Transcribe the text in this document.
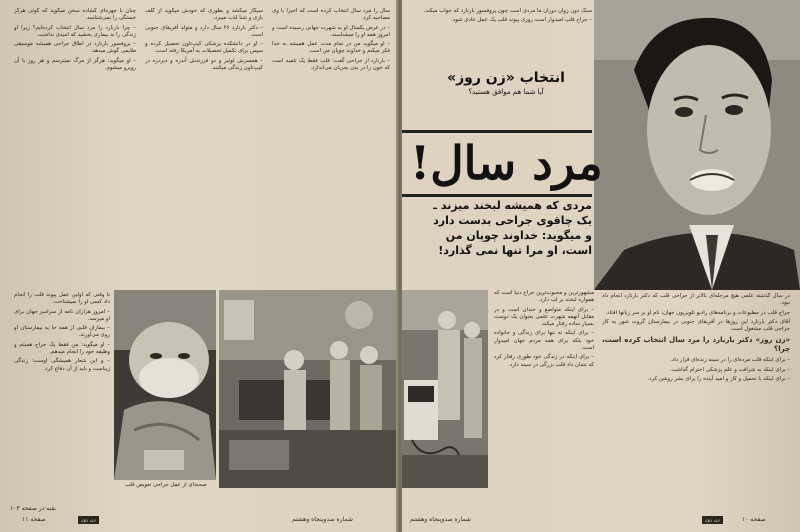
سال را مرد سال انتخاب کرده است که اخیراً با وی مصاحبه کرد.

– در عرض یکسال او به شهرت جهانی رسیده است و امروز همه او را میشناسند.

– او میگوید من در تمام مدت عمل همیشه به خدا فکر میکنم و خداوند چوپان من است.

– بارنارد از جراحی گفت: قلب فقط یک تلمبه است که خون را در بدن بجریان می‌اندازد.

سیگار میکشد و بطوری که خودش میگوید از گلف بازی و شنا لذت میبرد.

– دکتر بارنارد ۴۶ سال دارد و متولد آفریقای جنوبی است.

– او در دانشکده پزشکی کیپ‌تاون تحصیل کرده و سپس برای تکمیل تحصیلات به آمریکا رفته است.

– همسرش لوئیز و دو فرزندش آندره و دیردره در کیپ‌تاون زندگی میکنند.

چنان با چهره‌ای گشاده سخن میگوید که گوئی هرگز خستگی را نمی‌شناسد.

– چرا بارنارد را مرد سال انتخاب کرده‌ایم؟ زیرا او زندگی را به بیماری بخشید که امیدی نداشت.

– پروفسور بارنارد در اطاق جراحی همیشه موسیقی ملایمی گوش میدهد.

– او میگوید: هرگز از مرگ نمیترسم و هر روز با آن روبرو میشوم.

تا وقتی که اولین عمل پیوند قلب را انجام داد کسی او را نمیشناخت.

– امروز هزاران نامه از سراسر جهان برای او میرسد.

– بیماران قلبی از همه جا به بیمارستان او روی می‌آورند.

– او میگوید: من فقط یک جراح هستم و وظیفه خود را انجام میدهم.

– و این شعار همیشگی اوست: زندگی زیباست و باید از آن دفاع کرد.

صحنه‌ای از عمل جراحی تعویض قلب
بقیه در صفحه ۱۰۳
صفحه ۱۱	زن روز	شماره صدوپنجاه وهشتم
انتخاب «زن روز»
آیا شما هم موافق هستید؟
مرد سال!
مردی که همیشه لبخند میزند ـ یک چاقوی جراحی بدست دارد و میگوید: خداوند چوپان من است، او مرا تنها نمی گذارد!

سنگ دون زوان دوران ما مردی است چون پروفسور بارنارد که خواب میکند.

– جراح قلب امیدوار است روزی پیوند قلب یک عمل عادی شود.

مشهورترین و محبوب‌ترین جراح دنیا است که همواره لبخند بر لب دارد.

– برای اینکه متواضع و خندان است و در مقابل آنهمه شهرت علمی بعنوان یک دوست بسیار ساده رفتار میکند.

– برای اینکه نه تنها برای زندگی و خانواده خود بلکه برای همه مردم جهان امیدوار است.

– برای اینکه در زندگی خود طوری رفتار کرد که نشان داد قلب بزرگی در سینه دارد.

در سال گذشته علمی هیچ مرحله‌ای بالاتر از جراحی قلب که دکتر بارنارد انجام داد نبود.

جراح قلب در مطبوعات و برنامه‌های رادیو تلویزیون جهان، نام او بر سر زبانها افتاد.

آقای دکتر بارنارد این روزها در آفریقای جنوبی در بیمارستان گروت شور به کار جراحی قلب مشغول است.

«زن روز» دکتر بارنارد را مرد سال انتخاب کرده است، چرا؟

– برای اینکه قلب مرده‌ای را در سینه زنده‌ای قرار داد.

– برای اینکه به شرافت و علم پزشکی احترام گذاشت.

– برای اینکه با تحمیل و کار و امید آینده را برای بشر روشن کرد.

شماره صدوپنجاه وهشتم	زن روز	صفحه ۱۰
